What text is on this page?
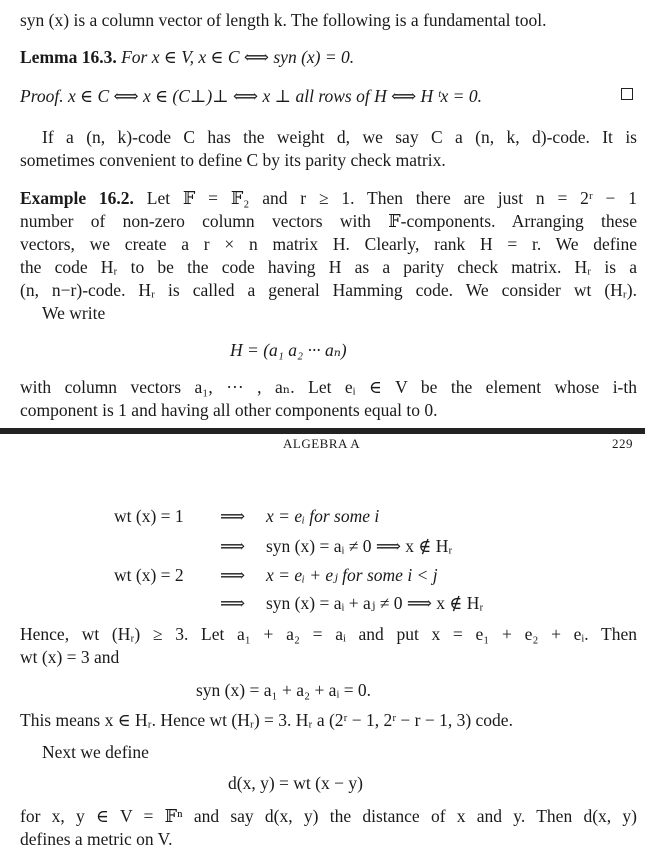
syn (x) is a column vector of length k. The following is a fundamental tool.
Lemma 16.3. For x ∈ V, x ∈ C ⟺ syn (x) = 0.
Proof. x ∈ C ⟺ x ∈ (C⊥)⊥ ⟺ x ⊥ all rows of H ⟺ H ᵗx = 0.
If a (n, k)-code C has the weight d, we say C a (n, k, d)-code. It is
sometimes convenient to define C by its parity check matrix.
Example 16.2. Let 𝔽 = 𝔽₂ and r ≥ 1. Then there are just n = 2ʳ − 1
number of non-zero column vectors with 𝔽-components. Arranging these
vectors, we create a r × n matrix H. Clearly, rank H = r. We define
the code Hᵣ to be the code having H as a parity check matrix. Hᵣ is a
(n, n−r)-code. Hᵣ is called a general Hamming code. We consider wt (Hᵣ).
We write
H = (a₁ a₂ ··· aₙ)
with column vectors a₁, ··· , aₙ. Let eᵢ ∈ V be the element whose i-th
component is 1 and having all other components equal to 0.
ALGEBRA A	229
wt (x) = 1 ⟹ x = eᵢ for some i
⟹ syn (x) = aᵢ ≠ 0 ⟹ x ∉ Hᵣ
wt (x) = 2 ⟹ x = eᵢ + eⱼ for some i < j
⟹ syn (x) = aᵢ + aⱼ ≠ 0 ⟹ x ∉ Hᵣ
Hence, wt (Hᵣ) ≥ 3. Let a₁ + a₂ = aᵢ and put x = e₁ + e₂ + eᵢ. Then
wt (x) = 3 and
syn (x) = a₁ + a₂ + aᵢ = 0.
This means x ∈ Hᵣ. Hence wt (Hᵣ) = 3. Hᵣ a (2ʳ − 1, 2ʳ − r − 1, 3) code.
Next we define
d(x, y) = wt (x − y)
for x, y ∈ V = 𝔽ⁿ and say d(x, y) the distance of x and y. Then d(x, y)
defines a metric on V.
